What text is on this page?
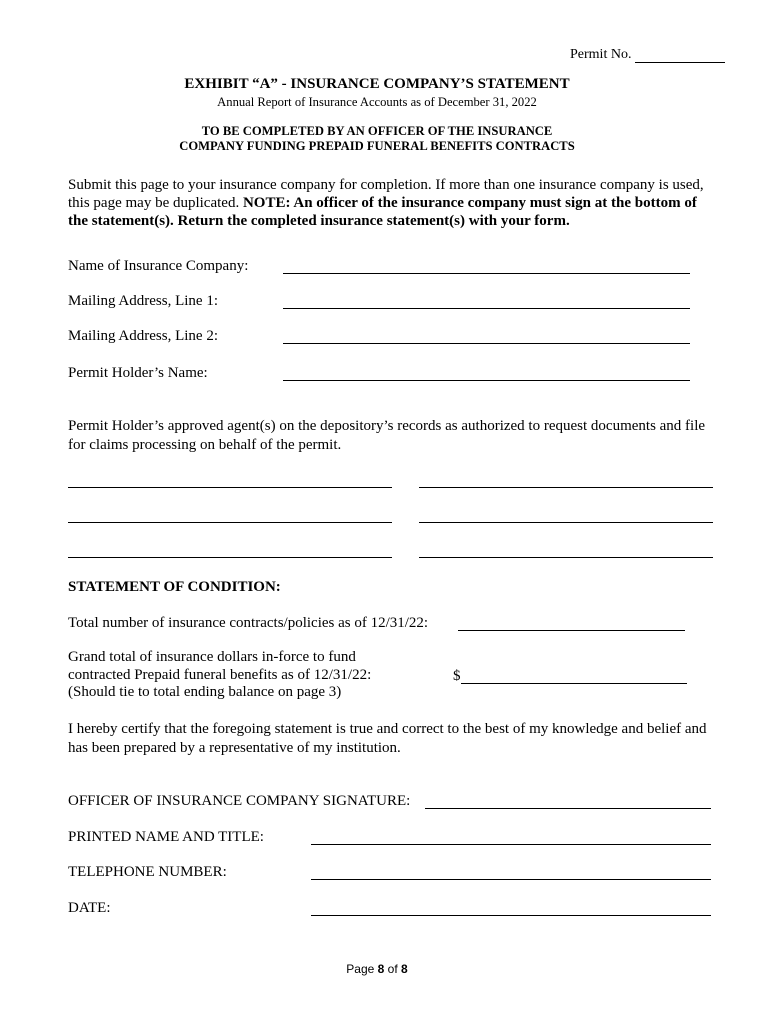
Permit No.
EXHIBIT “A” - INSURANCE COMPANY’S STATEMENT
Annual Report of Insurance Accounts as of December 31, 2022
TO BE COMPLETED BY AN OFFICER OF THE INSURANCE
COMPANY FUNDING PREPAID FUNERAL BENEFITS CONTRACTS

Submit this page to your insurance company for completion. If more than one insurance company is used, this page may be duplicated. NOTE: An officer of the insurance company must sign at the bottom of the statement(s). Return the completed insurance statement(s) with your form.

Name of Insurance Company:
Mailing Address, Line 1:
Mailing Address, Line 2:
Permit Holder’s Name:

Permit Holder’s approved agent(s) on the depository’s records as authorized to request documents and file for claims processing on behalf of the permit.

STATEMENT OF CONDITION:
Total number of insurance contracts/policies as of 12/31/22:

Grand total of insurance dollars in-force to fund contracted Prepaid funeral benefits as of 12/31/22:

(Should tie to total ending balance on page 3)
$

I hereby certify that the foregoing statement is true and correct to the best of my knowledge and belief and has been prepared by a representative of my institution.

OFFICER OF INSURANCE COMPANY SIGNATURE:
PRINTED NAME AND TITLE:
TELEPHONE NUMBER:
DATE:
Page 8 of 8
